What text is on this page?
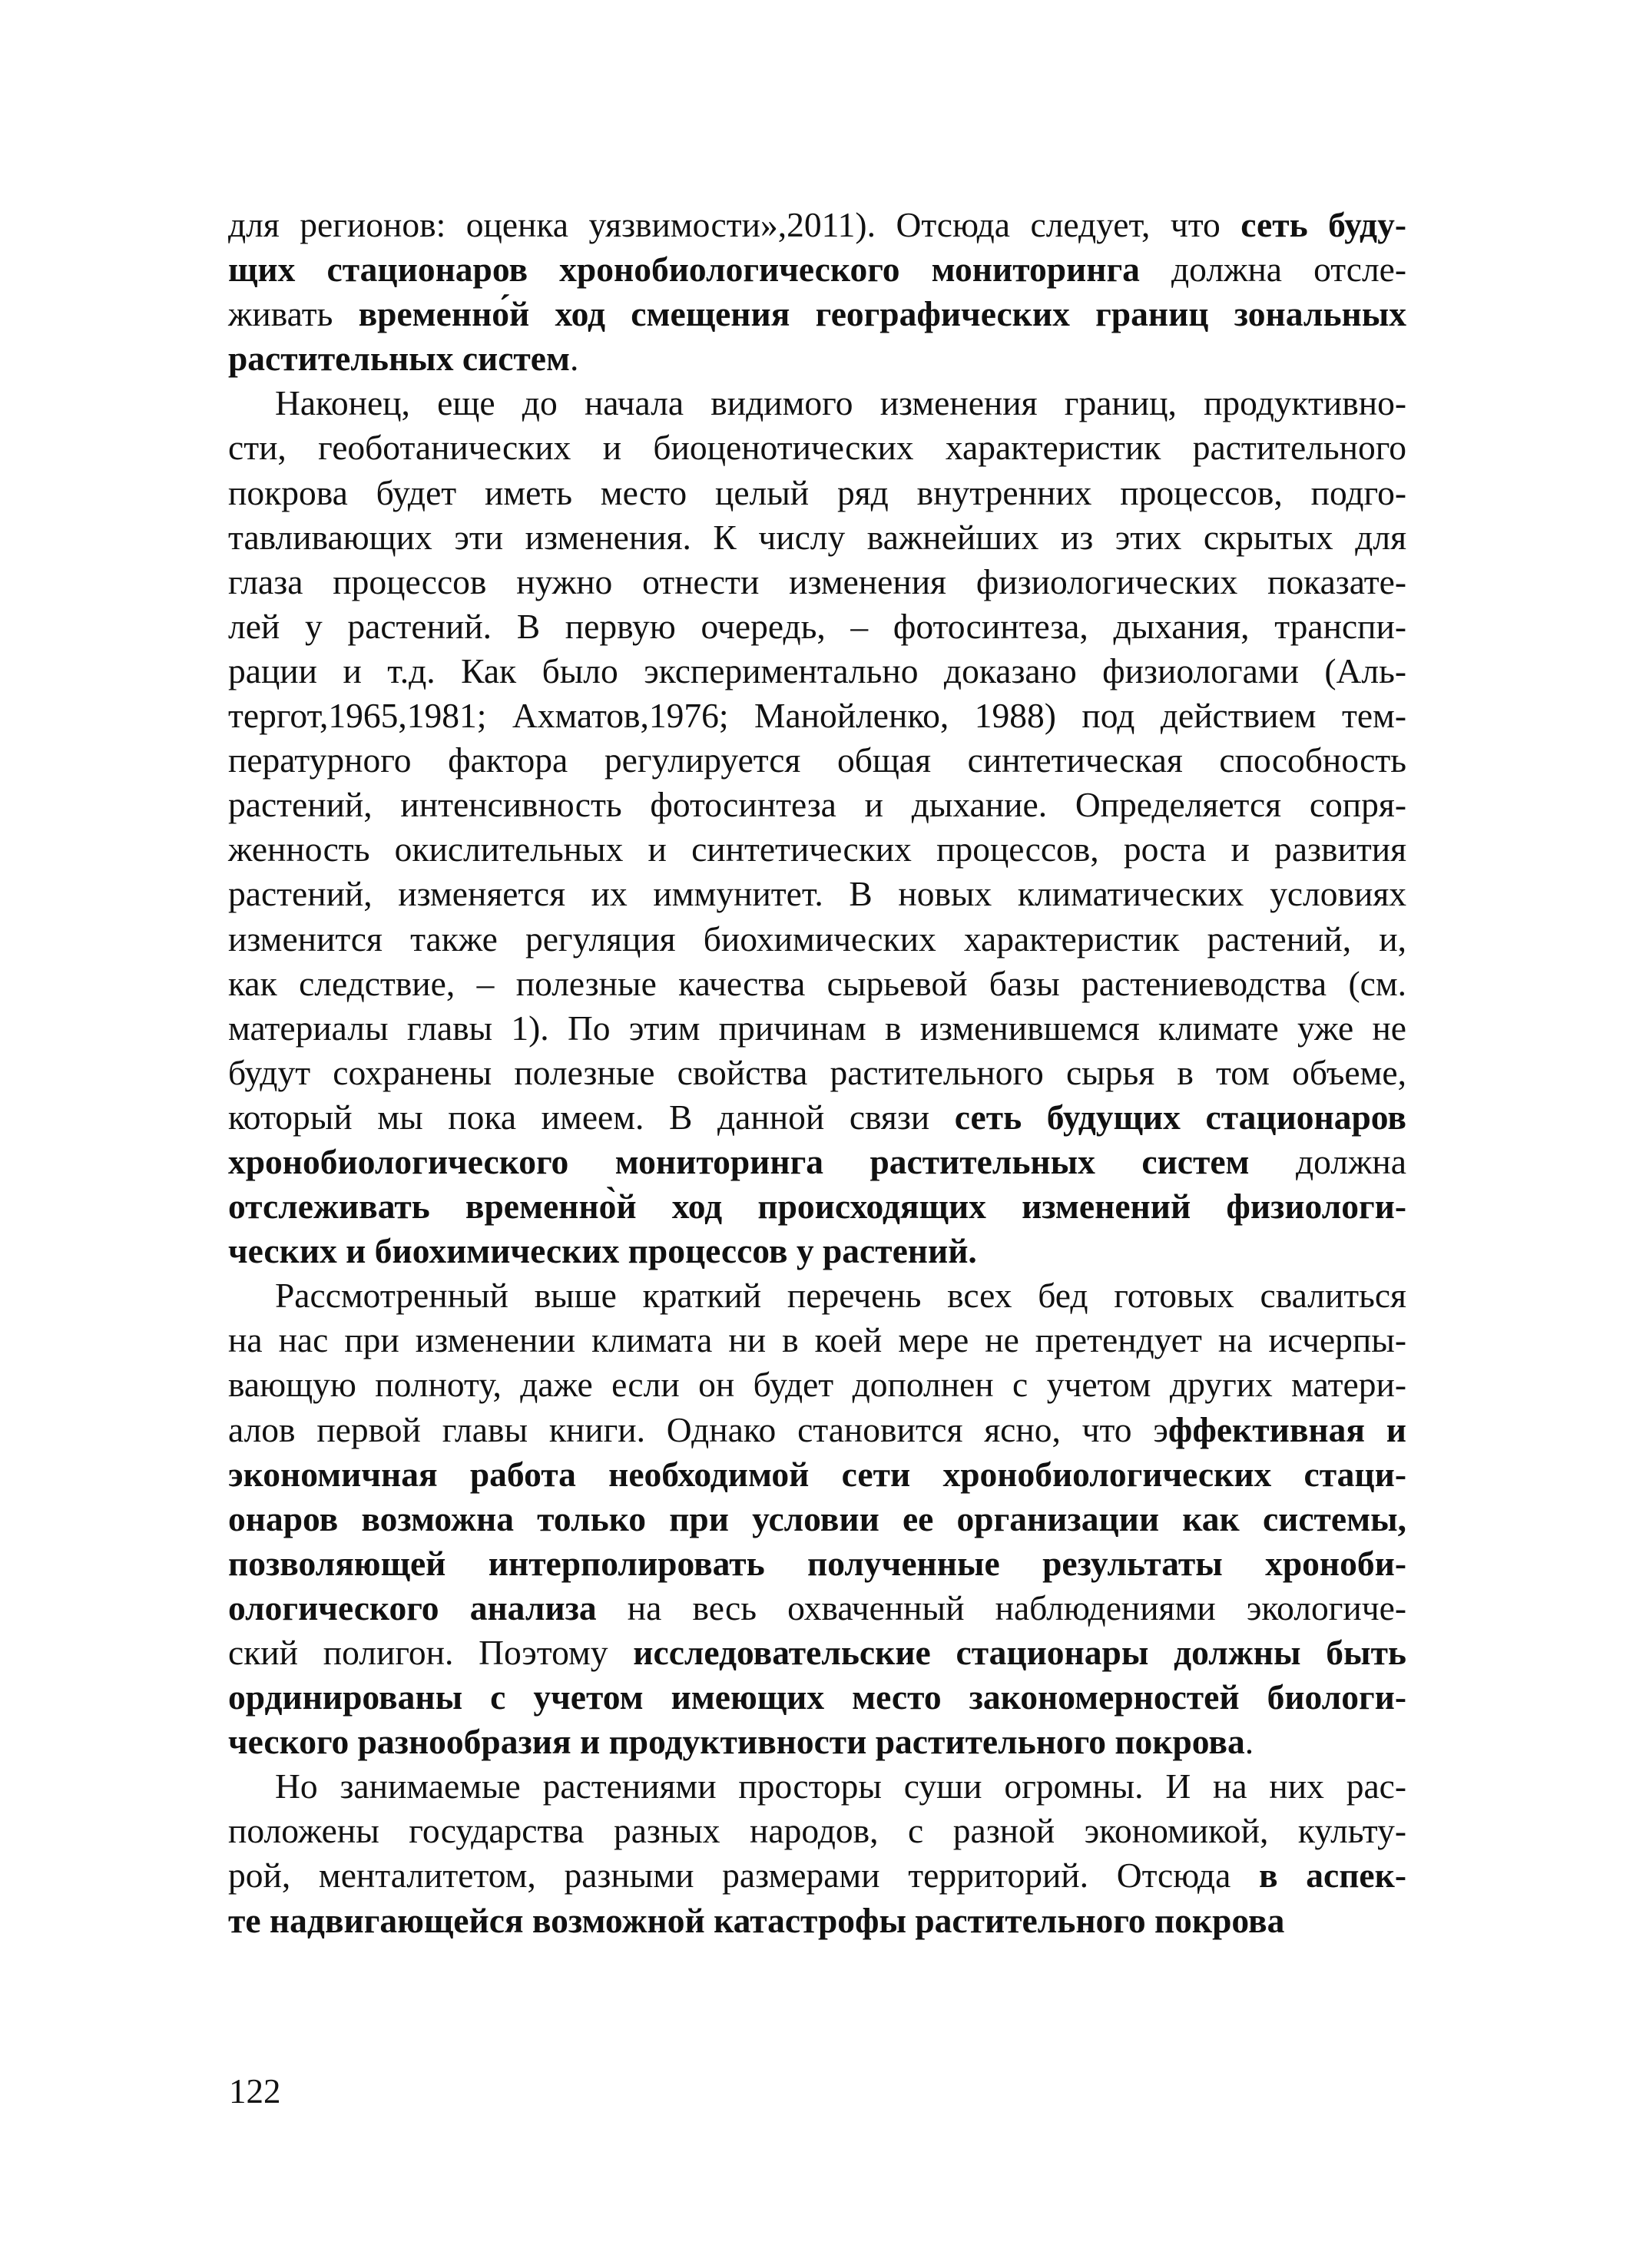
для регионов: оценка уязвимости»,2011). Отсюда следует, что сеть буду-
щих стационаров хронобиологического мониторинга должна отсле-
живать временно́й ход смещения географических границ зональных
растительных систем.
Наконец, еще до начала видимого изменения границ, продуктивно-
сти, геоботанических и биоценотических характеристик растительного
покрова будет иметь место целый ряд внутренних процессов, подго-
тавливающих эти изменения. К числу важнейших из этих скрытых для
глаза процессов нужно отнести изменения физиологических показате-
лей у растений. В первую очередь, – фотосинтеза, дыхания, транспи-
рации и т.д. Как было экспериментально доказано физиологами (Аль-
тергот,1965,1981; Ахматов,1976; Манойленко, 1988) под действием тем-
пературного фактора регулируется общая синтетическая способность
растений, интенсивность фотосинтеза и дыхание. Определяется сопря-
женность окислительных и синтетических процессов, роста и развития
растений, изменяется их иммунитет. В новых климатических условиях
изменится также регуляция биохимических характеристик растений, и,
как следствие, – полезные качества сырьевой базы растениеводства (см.
материалы главы 1). По этим причинам в изменившемся климате уже не
будут сохранены полезные свойства растительного сырья в том объеме,
который мы пока имеем. В данной связи сеть будущих стационаров
хронобиологического мониторинга растительных систем должна
отслеживать временно̀й ход происходящих изменений физиологи-
ческих и биохимических процессов у растений.
Рассмотренный выше краткий перечень всех бед готовых свалиться
на нас при изменении климата ни в коей мере не претендует на исчерпы-
вающую полноту, даже если он будет дополнен с учетом других матери-
алов первой главы книги. Однако становится ясно, что эффективная и
экономичная работа необходимой сети хронобиологических стаци-
онаров возможна только при условии ее организации как системы,
позволяющей интерполировать полученные результаты хроноби-
ологического анализа на весь охваченный наблюдениями экологиче-
ский полигон. Поэтому исследовательские стационары должны быть
ординированы с учетом имеющих место закономерностей биологи-
ческого разнообразия и продуктивности растительного покрова.
Но занимаемые растениями просторы суши огромны. И на них рас-
положены государства разных народов, с разной экономикой, культу-
рой, менталитетом, разными размерами территорий. Отсюда в аспек-
те надвигающейся возможной катастрофы растительного покрова
122
